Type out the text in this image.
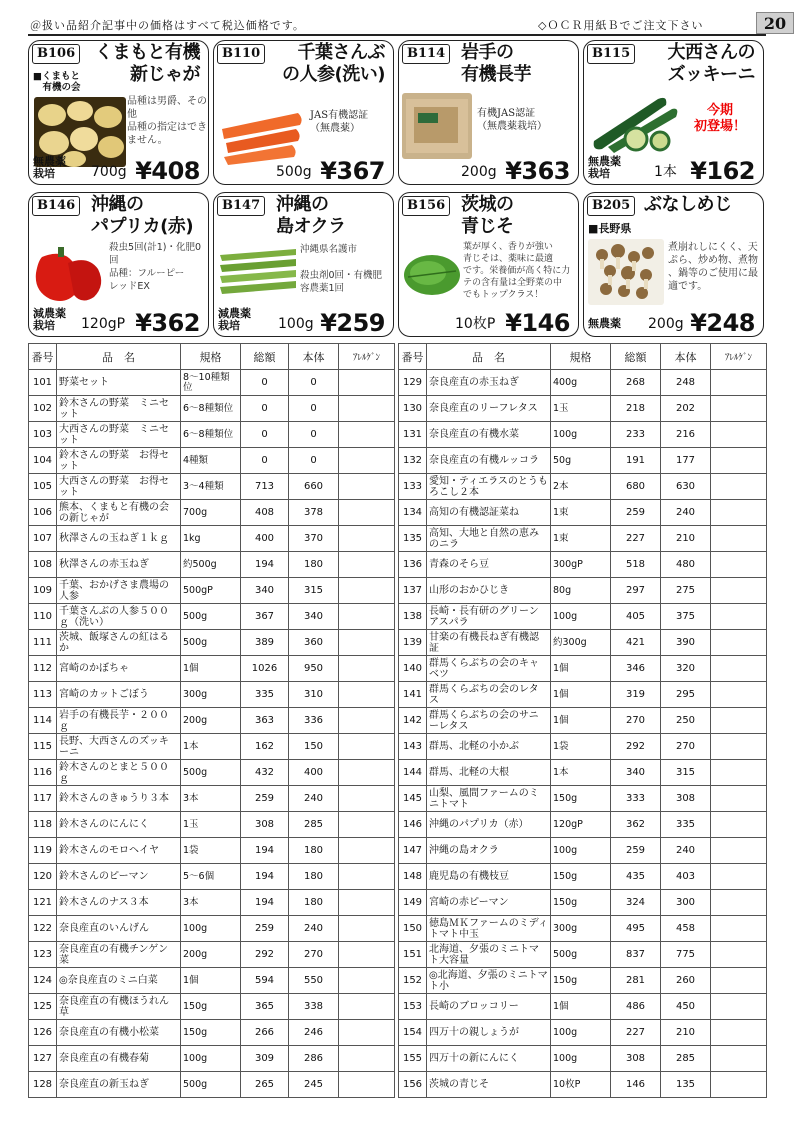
＠扱い品紹介記事中の価格はすべて税込価格です。	◇ＯＣＲ用紙Ｂでご注文下さい	20
B106 くまもと有機
新じゃが
■くまもと
　有機の会
品種は男爵、その
他
品種の指定はでき
ません。
無農薬
栽培	700g ¥408
B110	千葉さんぶ
の人参(洗い)
JAS有機認証
（無農薬）
500g ¥367
B114 岩手の
有機長芋
有機JAS認証
（無農薬栽培）
200g ¥363
B115 大西さんの
ズッキーニ
今期
初登場！
無農薬
栽培	1本 ¥162
B146 沖縄の
パプリカ(赤)
殺虫5回(計1)・化肥0
回
品種：フルーピー
レッドEX
減農薬
栽培	120gP ¥362
B147 沖縄の
島オクラ
沖縄県名護市

殺虫剤0回・有機肥
容農薬1回
減農薬
栽培	100g ¥259
B156 茨城の
青じそ
葉が厚く、香りが強い
青じそは、薬味に最適
です。栄養価が高く特に力
テの含有量は全野菜の中
でもトップクラス！
10枚P ¥146
B205 ぶなしめじ
■長野県
煮崩れしにくく、天
ぷら、炒め物、煮物
、鍋等のご使用に最
適です。
無農薬 200g ¥248
番号	品　名	規格	総額	本体	ｱﾚﾙｹﾞﾝ
101	野菜セット	8～10種類位	0	0	
102	鈴木さんの野菜　ミニセット	6～8種類位	0	0	
103	大西さんの野菜　ミニセット	6～8種類位	0	0	
104	鈴木さんの野菜　お得セット	4種類	0	0	
105	大西さんの野菜　お得セット	3～4種類	713	660	
106	熊本、くまもと有機の会の新じゃが	700g	408	378	
107	秋澤さんの玉ねぎ１ｋｇ	1kg	400	370	
108	秋澤さんの赤玉ねぎ	約500g	194	180	
109	千葉、おかげさま農場の人参	500gP	340	315	
110	千葉さんぶの人参５００ｇ（洗い）	500g	367	340	
111	茨城、飯塚さんの紅はるか	500g	389	360	
112	宮崎のかぼちゃ	1個	1026	950	
113	宮崎のカットごぼう	300g	335	310	
114	岩手の有機長芋・２００ｇ	200g	363	336	
115	長野、大西さんのズッキーニ	1本	162	150	
116	鈴木さんのとまと５００ｇ	500g	432	400	
117	鈴木さんのきゅうり３本	3本	259	240	
118	鈴木さんのにんにく	1玉	308	285	
119	鈴木さんのモロヘイヤ	1袋	194	180	
120	鈴木さんのピーマン	5～6個	194	180	
121	鈴木さんのナス３本	3本	194	180	
122	奈良産直のいんげん	100g	259	240	
123	奈良産直の有機チンゲン菜	200g	292	270	
124	◎奈良産直のミニ白菜	1個	594	550	
125	奈良産直の有機ほうれん草	150g	365	338	
126	奈良産直の有機小松菜	150g	266	246	
127	奈良産直の有機春菊	100g	309	286	
128	奈良産直の新玉ねぎ	500g	265	245	
番号	品　名	規格	総額	本体	ｱﾚﾙｹﾞﾝ
129	奈良産直の赤玉ねぎ	400g	268	248	
130	奈良産直のリーフレタス	1玉	218	202	
131	奈良産直の有機水菜	100g	233	216	
132	奈良産直の有機ルッコラ	50g	191	177	
133	愛知・ティエラスのとうもろこし２本	2本	680	630	
134	高知の有機認証菜ね	1束	259	240	
135	高知、大地と自然の恵みのニラ	1束	227	210	
136	青森のそら豆	300gP	518	480	
137	山形のおかひじき	80g	297	275	
138	長崎・長有研のグリーンアスパラ	100g	405	375	
139	甘楽の有機長ねぎ有機認証	約300g	421	390	
140	群馬くらぶちの会のキャベツ	1個	346	320	
141	群馬くらぶちの会のレタス	1個	319	295	
142	群馬くらぶちの会のサニーレタス	1個	270	250	
143	群馬、北軽の小かぶ	1袋	292	270	
144	群馬、北軽の大根	1本	340	315	
145	山梨、風間ファームのミニトマト	150g	333	308	
146	沖縄のパプリカ（赤）	120gP	362	335	
147	沖縄の島オクラ	100g	259	240	
148	鹿児島の有機枝豆	150g	435	403	
149	宮崎の赤ピーマン	150g	324	300	
150	徳島ＭＫファームのミディトマト中玉	300g	495	458	
151	北海道、夕張のミニトマト大容量	500g	837	775	
152	◎北海道、夕張のミニトマト小	150g	281	260	
153	長崎のブロッコリー	1個	486	450	
154	四万十の親しょうが	100g	227	210	
155	四万十の新にんにく	100g	308	285	
156	茨城の青じそ	10枚P	146	135	
